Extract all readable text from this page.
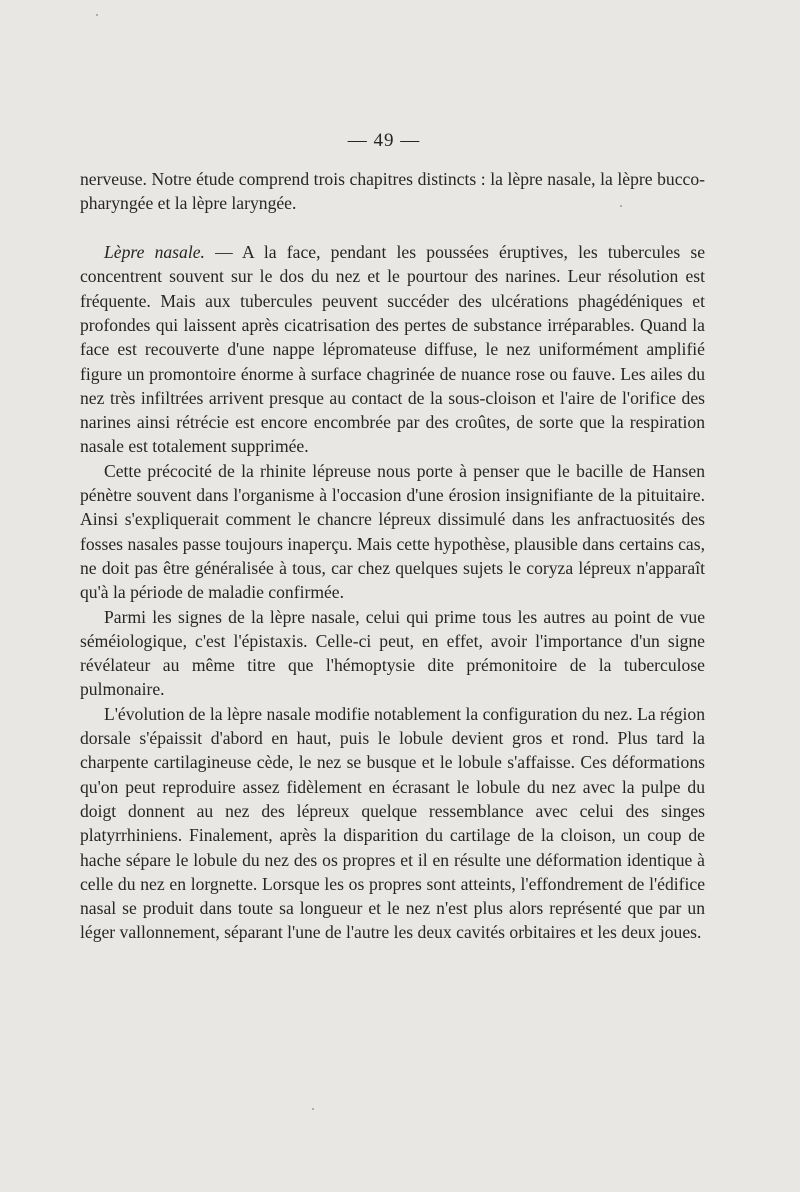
— 49 —

nerveuse. Notre étude comprend trois chapitres distincts : la lèpre nasale, la lèpre bucco-pharyngée et la lèpre laryngée.

Lèpre nasale. — A la face, pendant les poussées éruptives, les tubercules se concentrent souvent sur le dos du nez et le pourtour des narines. Leur résolution est fréquente. Mais aux tubercules peuvent succéder des ulcérations phagédéniques et profondes qui laissent après cicatrisation des pertes de substance irréparables. Quand la face est recouverte d'une nappe lépromateuse diffuse, le nez uniformément amplifié figure un promontoire énorme à surface chagrinée de nuance rose ou fauve. Les ailes du nez très infiltrées arrivent presque au contact de la sous-cloison et l'aire de l'orifice des narines ainsi rétrécie est encore encombrée par des croûtes, de sorte que la respiration nasale est totalement supprimée.

Cette précocité de la rhinite lépreuse nous porte à penser que le bacille de Hansen pénètre souvent dans l'organisme à l'occasion d'une érosion insignifiante de la pituitaire. Ainsi s'expliquerait comment le chancre lépreux dissimulé dans les anfractuosités des fosses nasales passe toujours inaperçu. Mais cette hypothèse, plausible dans certains cas, ne doit pas être généralisée à tous, car chez quelques sujets le coryza lépreux n'apparaît qu'à la période de maladie confirmée.

Parmi les signes de la lèpre nasale, celui qui prime tous les autres au point de vue séméiologique, c'est l'épistaxis. Celle-ci peut, en effet, avoir l'importance d'un signe révélateur au même titre que l'hémoptysie dite prémonitoire de la tuberculose pulmonaire.

L'évolution de la lèpre nasale modifie notablement la configuration du nez. La région dorsale s'épaissit d'abord en haut, puis le lobule devient gros et rond. Plus tard la charpente cartilagineuse cède, le nez se busque et le lobule s'affaisse. Ces déformations qu'on peut reproduire assez fidèlement en écrasant le lobule du nez avec la pulpe du doigt donnent au nez des lépreux quelque ressemblance avec celui des singes platyrrhiniens. Finalement, après la disparition du cartilage de la cloison, un coup de hache sépare le lobule du nez des os propres et il en résulte une déformation identique à celle du nez en lorgnette. Lorsque les os propres sont atteints, l'effondrement de l'édifice nasal se produit dans toute sa longueur et le nez n'est plus alors représenté que par un léger vallonnement, séparant l'une de l'autre les deux cavités orbitaires et les deux joues.
